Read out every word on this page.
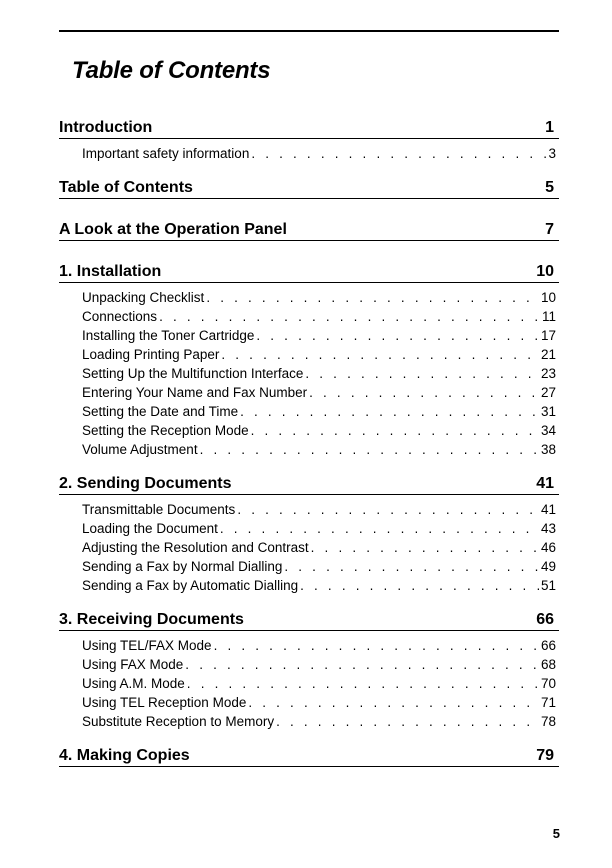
Table of Contents
Introduction	1
Important safety information . . .	3
Table of Contents	5
A Look at the Operation Panel	7
1. Installation	10
Unpacking Checklist . . .	10
Connections . . .	11
Installing the Toner Cartridge . . .	17
Loading Printing Paper . . .	21
Setting Up the Multifunction Interface . . .	23
Entering Your Name and Fax Number . . .	27
Setting the Date and Time . . .	31
Setting the Reception Mode . . .	34
Volume Adjustment . . .	38
2. Sending Documents	41
Transmittable Documents . . .	41
Loading the Document . . .	43
Adjusting the Resolution and Contrast . . .	46
Sending a Fax by Normal Dialling . . .	49
Sending a Fax by Automatic Dialling . . .	51
3. Receiving Documents	66
Using TEL/FAX Mode . . .	66
Using FAX Mode . . .	68
Using A.M. Mode . . .	70
Using TEL Reception Mode . . .	71
Substitute Reception to Memory . . .	78
4. Making Copies	79
5
